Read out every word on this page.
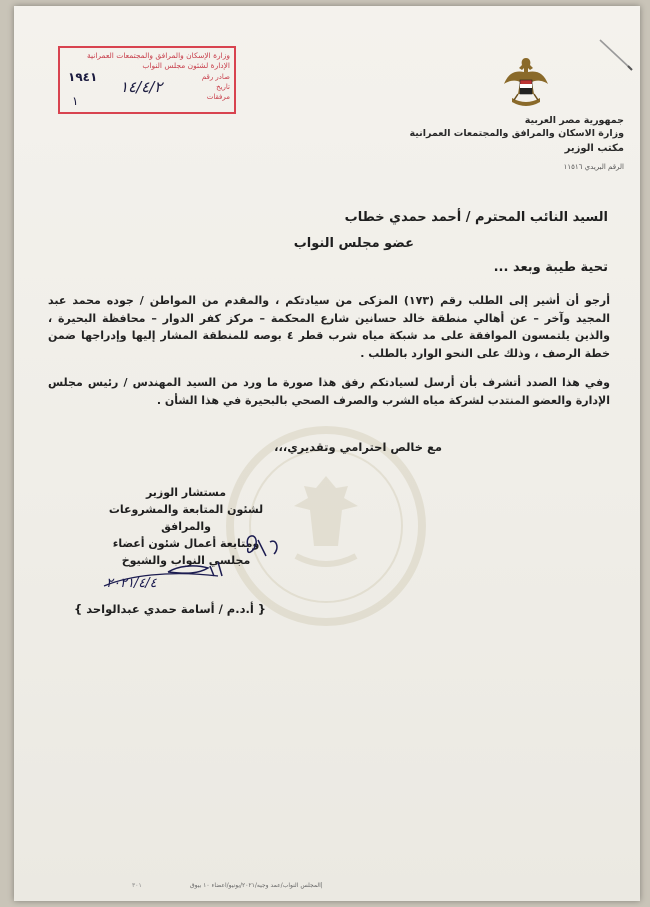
وزارة الإسكان والمرافق والمجتمعات العمرانية
الإدارة لشئون مجلس النواب
صادر رقم
تاريخ
مرفقات
١٩٤١
١٤/٤/٢
١
جمهورية مصر العربية
وزارة الاسكان والمرافق والمجتمعات العمرانية
مكتب الوزير
الرقم البريدي ١١٥١٦
السيد النائب المحترم / أحمد حمدي خطاب
عضو مجلس النواب
تحية طيبة وبعد ...
أرجو أن أشير إلى الطلب رقم (١٧٣) المزكى من سيادتكم ، والمقدم من المواطن / جوده محمد عبد المجيد وآخر – عن أهالي منطقة خالد حسانين شارع المحكمة – مركز كفر الدوار – محافظة البحيرة ، والذين يلتمسون الموافقة على مد شبكة مياه شرب قطر ٤ بوصه للمنطقة المشار إليها وإدراجها ضمن خطة الرصف ، وذلك على النحو الوارد بالطلب .
وفي هذا الصدد أتشرف بأن أرسل لسيادتكم رفق هذا صورة ما ورد من السيد المهندس / رئيس مجلس الإدارة والعضو المنتدب لشركة مياه الشرب والصرف الصحي بالبحيرة في هذا الشأن .
مع خالص احترامي وتقديري،،،
مستشار الوزير
لشئون المتابعة والمشروعات والمرافق
ومتابعة أعمال شئون أعضاء
مجلسي النواب والشيوخ
٢٠٢١/٤/٤
{ أ.د.م / أسامة حمدي عبدالواحد }
٣٠١	|المجلس النواب/عمد وجيه/٢٠٢١/يونيو/اعضاء ١٠ بيوق
